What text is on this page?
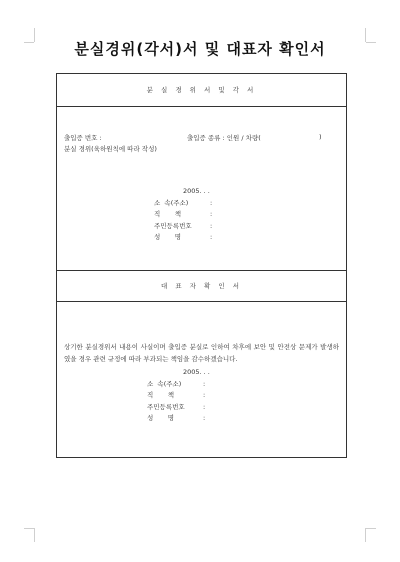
분실경위(각서)서 및 대표자 확인서
분 실 경 위 서 및 각 서
출입증 번호 :	출입증 종류 : 인원 / 차량(	)
분실 경위(육하원칙에 따라 작성)
2005. . .
소  속(주소)	:
직       책	:
주민등록번호	:
성       명	:
대 표 자 확 인 서
상기한 분실경위서 내용이 사실이며 출입증 분실로 인하여 차후에 보안 및 안전상 문제가 발생하였을 경우 관련 규정에 따라 부과되는 책임을 감수하겠습니다.
2005. . .
소  속(주소)	:
직       책	:
주민등록번호	:
성       명	:
